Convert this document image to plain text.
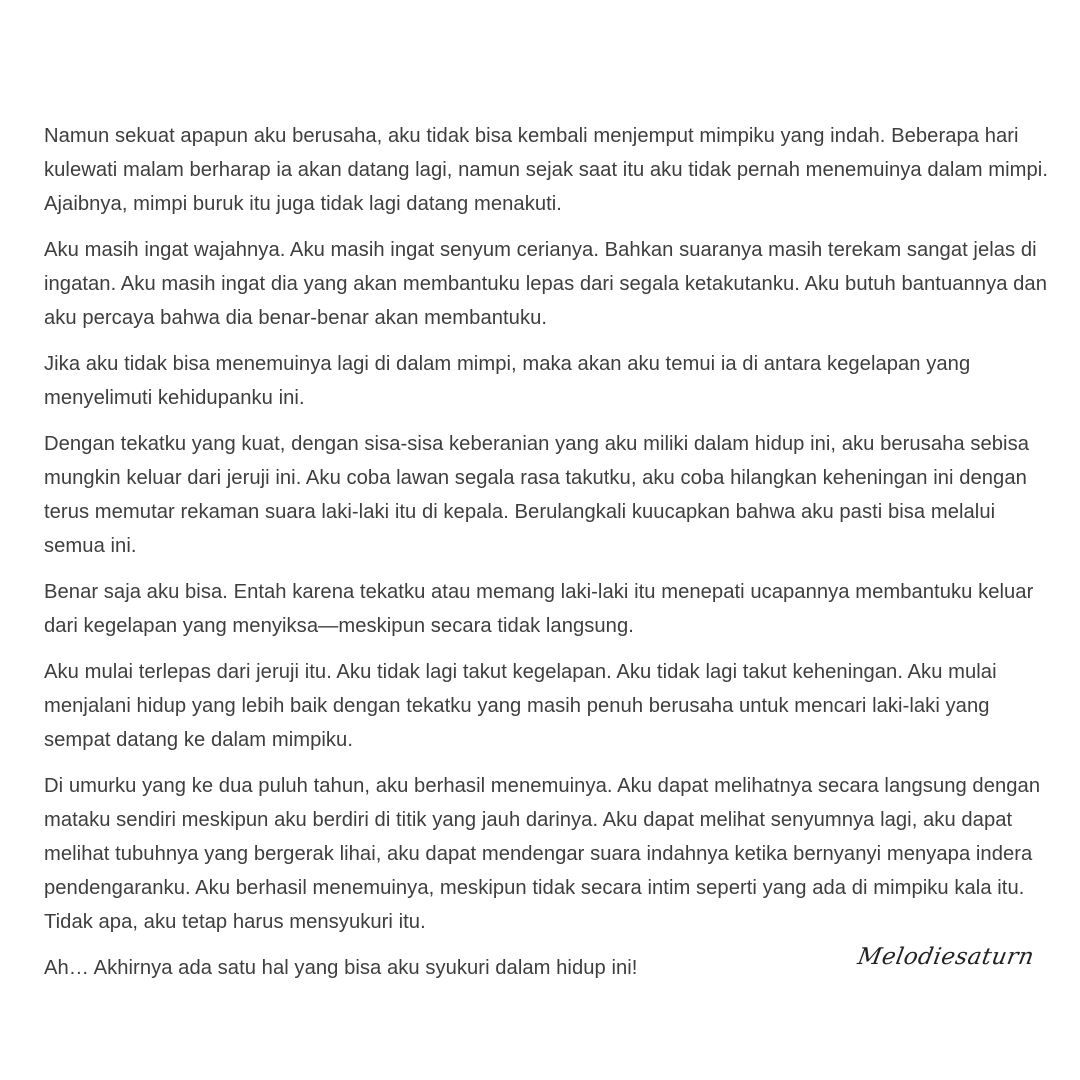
Namun sekuat apapun aku berusaha, aku tidak bisa kembali menjemput mimpiku yang indah. Beberapa hari kulewati malam berharap ia akan datang lagi, namun sejak saat itu aku tidak pernah menemuinya dalam mimpi. Ajaibnya, mimpi buruk itu juga tidak lagi datang menakuti.

Aku masih ingat wajahnya. Aku masih ingat senyum cerianya. Bahkan suaranya masih terekam sangat jelas di ingatan. Aku masih ingat dia yang akan membantuku lepas dari segala ketakutanku. Aku butuh bantuannya dan aku percaya bahwa dia benar-benar akan membantuku.

Jika aku tidak bisa menemuinya lagi di dalam mimpi, maka akan aku temui ia di antara kegelapan yang menyelimuti kehidupanku ini.

Dengan tekatku yang kuat, dengan sisa-sisa keberanian yang aku miliki dalam hidup ini, aku berusaha sebisa mungkin keluar dari jeruji ini. Aku coba lawan segala rasa takutku, aku coba hilangkan keheningan ini dengan terus memutar rekaman suara laki-laki itu di kepala. Berulangkali kuucapkan bahwa aku pasti bisa melalui semua ini.

Benar saja aku bisa. Entah karena tekatku atau memang laki-laki itu menepati ucapannya membantuku keluar dari kegelapan yang menyiksa—meskipun secara tidak langsung.

Aku mulai terlepas dari jeruji itu. Aku tidak lagi takut kegelapan. Aku tidak lagi takut keheningan. Aku mulai menjalani hidup yang lebih baik dengan tekatku yang masih penuh berusaha untuk mencari laki-laki yang sempat datang ke dalam mimpiku.

Di umurku yang ke dua puluh tahun, aku berhasil menemuinya. Aku dapat melihatnya secara langsung dengan mataku sendiri meskipun aku berdiri di titik yang jauh darinya. Aku dapat melihat senyumnya lagi, aku dapat melihat tubuhnya yang bergerak lihai, aku dapat mendengar suara indahnya ketika bernyanyi menyapa indera pendengaranku. Aku berhasil menemuinya, meskipun tidak secara intim seperti yang ada di mimpiku kala itu. Tidak apa, aku tetap harus mensyukuri itu.

Ah… Akhirnya ada satu hal yang bisa aku syukuri dalam hidup ini!	Melodiesaturn
